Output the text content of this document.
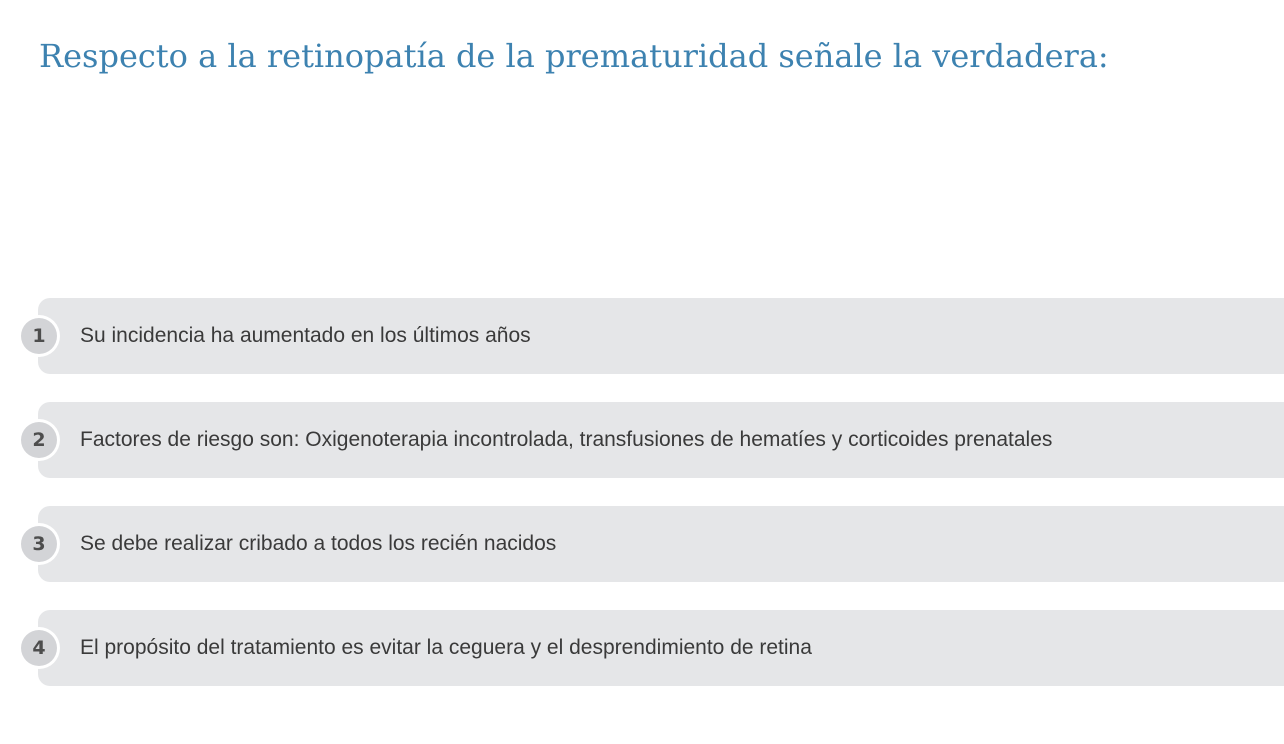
Respecto a la retinopatía de la prematuridad señale la verdadera:
1	Su incidencia ha aumentado en los últimos años
2	Factores de riesgo son: Oxigenoterapia incontrolada, transfusiones de hematíes y corticoides prenatales
3	Se debe realizar cribado a todos los recién nacidos
4	El propósito del tratamiento es evitar la ceguera y el desprendimiento de retina
